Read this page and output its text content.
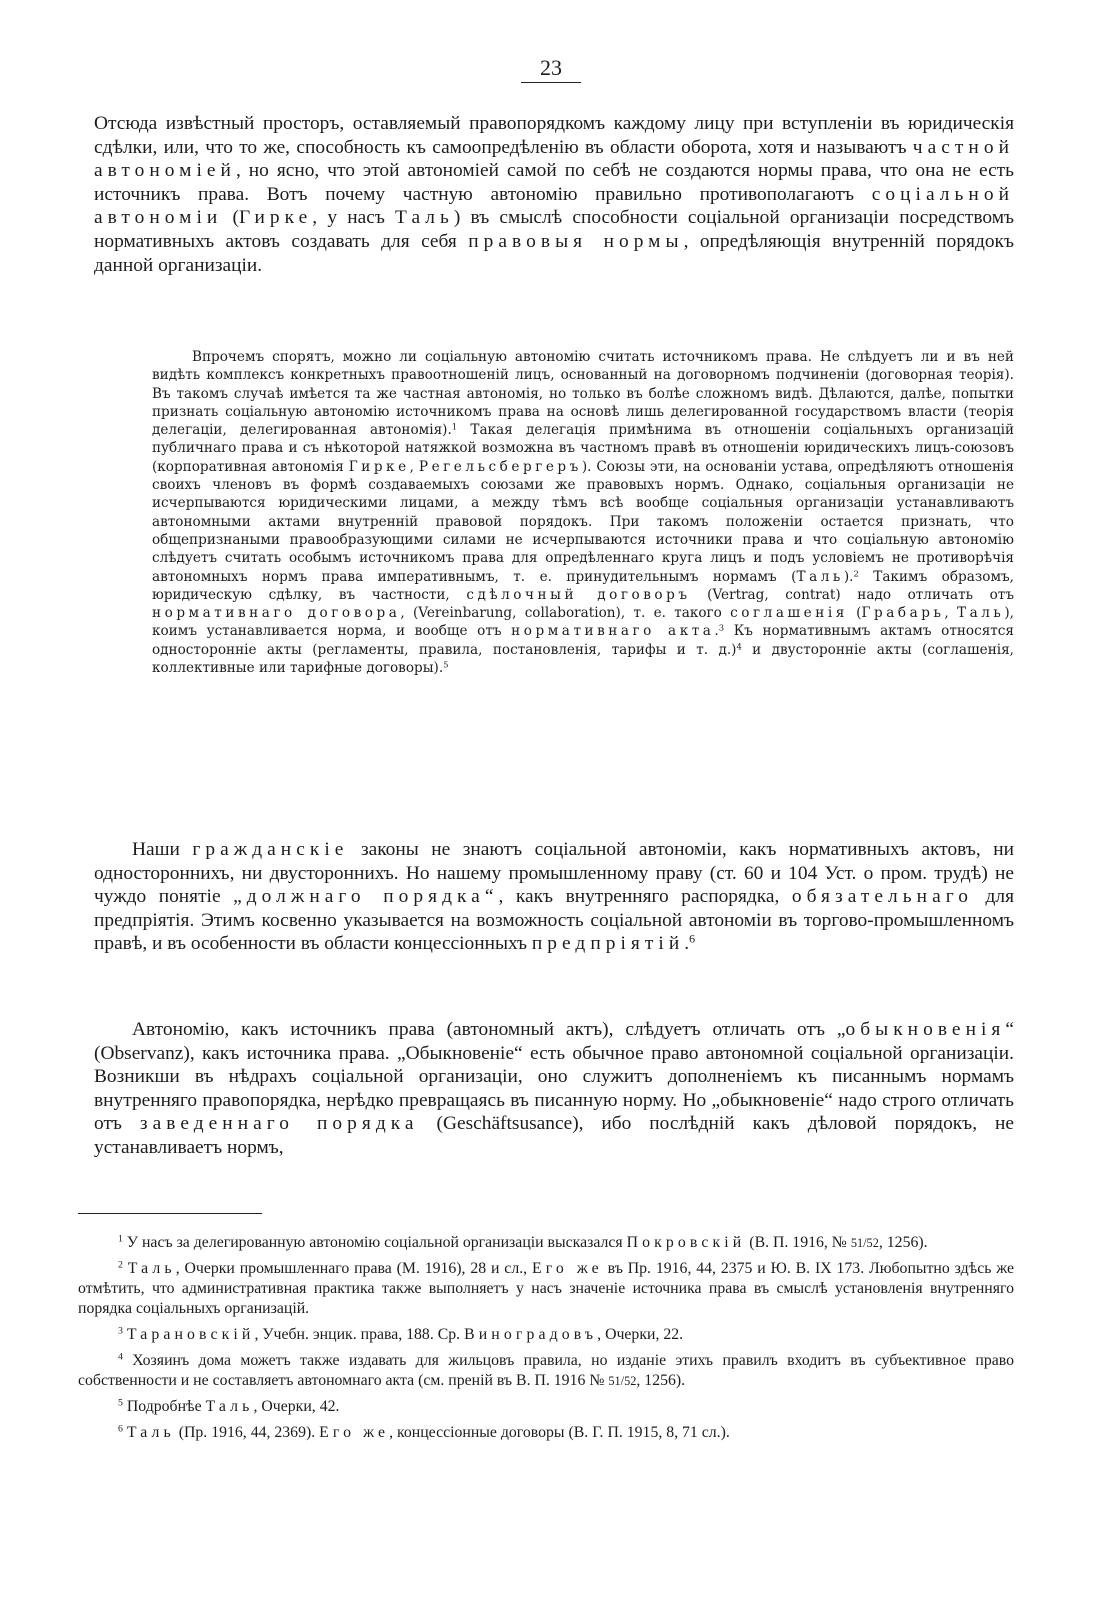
23

Отсюда извѣстный просторъ, оставляемый правопорядкомъ каждому лицу при вступленіи въ юридическія сдѣлки, или, что то же, способность къ самоопредѣленію въ области оборота, хотя и называютъ частной автономіей, но ясно, что этой автономіей самой по себѣ не создаются нормы права, что она не есть источникъ права. Вотъ почему частную автономію правильно противополагаютъ соціальной автономіи (Гирке, у насъ Таль) въ смыслѣ способности соціальной организаціи посредствомъ нормативныхъ актовъ создавать для себя правовыя нормы, опредѣляющія внутренній порядокъ данной организаціи.

Впрочемъ спорятъ, можно ли соціальную автономію считать источникомъ права. Не слѣдуетъ ли и въ ней видѣть комплексъ конкретныхъ правоотношеній лицъ, основанный на договорномъ подчиненіи (договорная теорія). Въ такомъ случаѣ имѣется та же частная автономія, но только въ болѣе сложномъ видѣ. Дѣлаются, далѣе, попытки признать соціальную автономію источникомъ права на основѣ лишь делегированной государствомъ власти (теорія делегаціи, делегированная автономія).$^1$ Такая делегація примѣнима въ отношеніи соціальныхъ организацій публичнаго права и съ нѣкоторой натяжкой возможна въ частномъ правѣ въ отношеніи юридическихъ лицъ-союзовъ (корпоративная автономія Гирке, Регельсбергеръ). Союзы эти, на основаніи устава, опредѣляютъ отношенія своихъ членовъ въ формѣ создаваемыхъ союзами же правовыхъ нормъ. Однако, соціальныя организаціи не исчерпываются юридическими лицами, а между тѣмъ всѣ вообще соціальныя организаціи устанавливаютъ автономными актами внутренній правовой порядокъ. При такомъ положеніи остается признать, что общепризнаными правообразующими силами не исчерпываются источники права и что соціальную автономію слѣдуетъ считать особымъ источникомъ права для опредѣленнаго круга лицъ и подъ условіемъ не противорѣчія автономныхъ нормъ права императивнымъ, т. е. принудительнымъ нормамъ (Таль).$^2$ Такимъ образомъ, юридическую сдѣлку, въ частности, сдѣлочный договоръ (Vertrag, contrat) надо отличать отъ нормативнаго договора, (Vereinbarung, collaboration), т. е. такого соглашенія (Грабарь, Таль), коимъ устанавливается норма, и вообще отъ нормативнаго акта.$^3$ Къ нормативнымъ актамъ относятся односторонніе акты (регламенты, правила, постановленія, тарифы и т. д.)$^4$ и двусторонніе акты (соглашенія, коллективные или тарифные договоры).$^5$

Наши гражданскіе законы не знаютъ соціальной автономіи, какъ нормативныхъ актовъ, ни одностороннихъ, ни двустороннихъ. Но нашему промышленному праву (ст. 60 и 104 Уст. о пром. трудѣ) не чуждо понятіе „должнаго порядка“, какъ внутренняго распорядка, обязательнаго для предпріятія. Этимъ косвенно указывается на возможность соціальной автономіи въ торгово-промышленномъ правѣ, и въ особенности въ области концессіонныхъ предпріятій.$^6$

Автономію, какъ источникъ права (автономный актъ), слѣдуетъ отличать отъ „обыкновенія“ (Observanz), какъ источника права. „Обыкновеніе“ есть обычное право автономной соціальной организаціи. Возникши въ нѣдрахъ соціальной организаціи, оно служитъ дополненіемъ къ писаннымъ нормамъ внутренняго правопорядка, нерѣдко превращаясь въ писанную норму. Но „обыкновеніе“ надо строго отличать отъ заведеннаго порядка (Geschäftsusance), ибо послѣдній какъ дѣловой порядокъ, не устанавливаетъ нормъ,

$^1$ У насъ за делегированную автономію соціальной организаціи высказался Покровскій (В. П. 1916, № 51/52, 1256).

$^2$ Таль, Очерки промышленнаго права (М. 1916), 28 и сл., Его же въ Пр. 1916, 44, 2375 и Ю. В. IX 173. Любопытно здѣсь же отмѣтить, что административная практика также выполняетъ у насъ значеніе источника права въ смыслѣ установленія внутренняго порядка соціальныхъ организацій.

$^3$ Тарановскій, Учебн. энцик. права, 188. Ср. Виноградовъ, Очерки, 22.

$^4$ Хозяинъ дома можетъ также издавать для жильцовъ правила, но изданіе этихъ правилъ входитъ въ субъективное право собственности и не составляетъ автономнаго акта (см. преній въ В. П. 1916 № 51/52, 1256).

$^5$ Подробнѣе Таль, Очерки, 42.

$^6$ Таль (Пр. 1916, 44, 2369). Его же, концессіонные договоры (В. Г. П. 1915, 8, 71 сл.).
